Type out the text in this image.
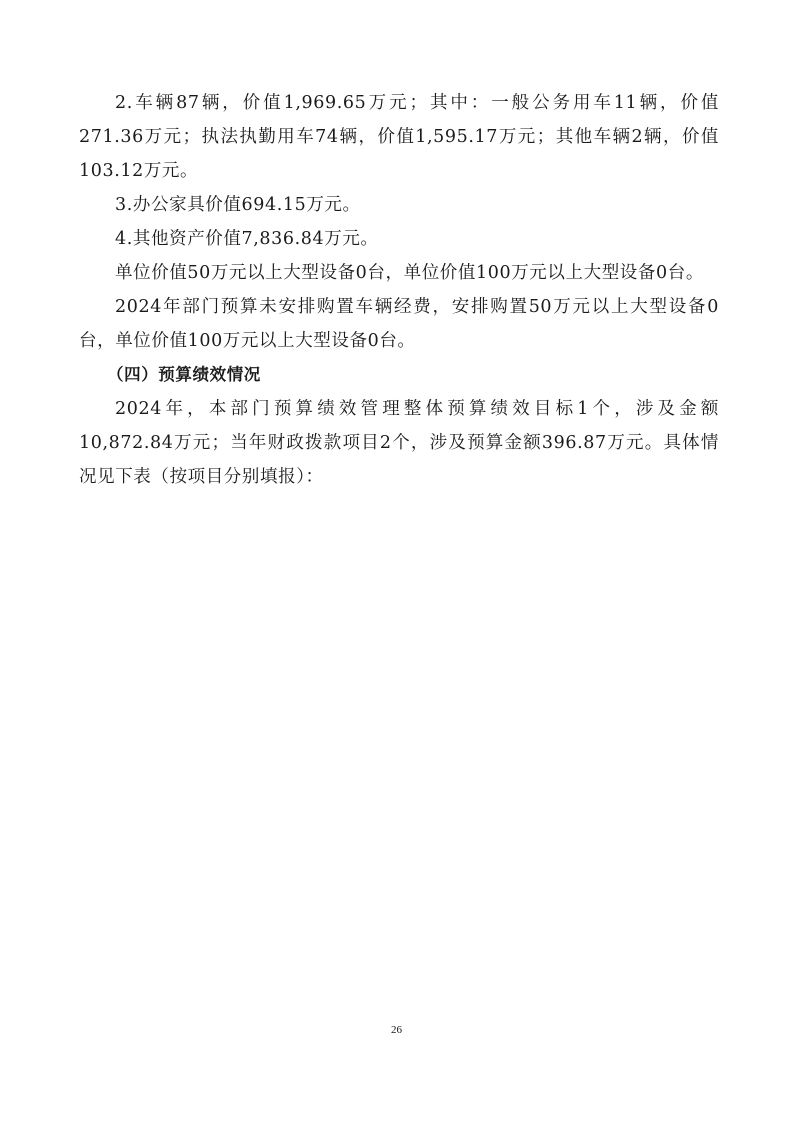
2.车辆87辆，价值1,969.65万元；其中：一般公务用车11辆，价值271.36万元；执法执勤用车74辆，价值1,595.17万元；其他车辆2辆，价值103.12万元。

3.办公家具价值694.15万元。

4.其他资产价值7,836.84万元。

单位价值50万元以上大型设备0台，单位价值100万元以上大型设备0台。

2024年部门预算未安排购置车辆经费，安排购置50万元以上大型设备0台，单位价值100万元以上大型设备0台。

（四）预算绩效情况

2024年，本部门预算绩效管理整体预算绩效目标1个，涉及金额10,872.84万元；当年财政拨款项目2个，涉及预算金额396.87万元。具体情况见下表（按项目分别填报）：

26
